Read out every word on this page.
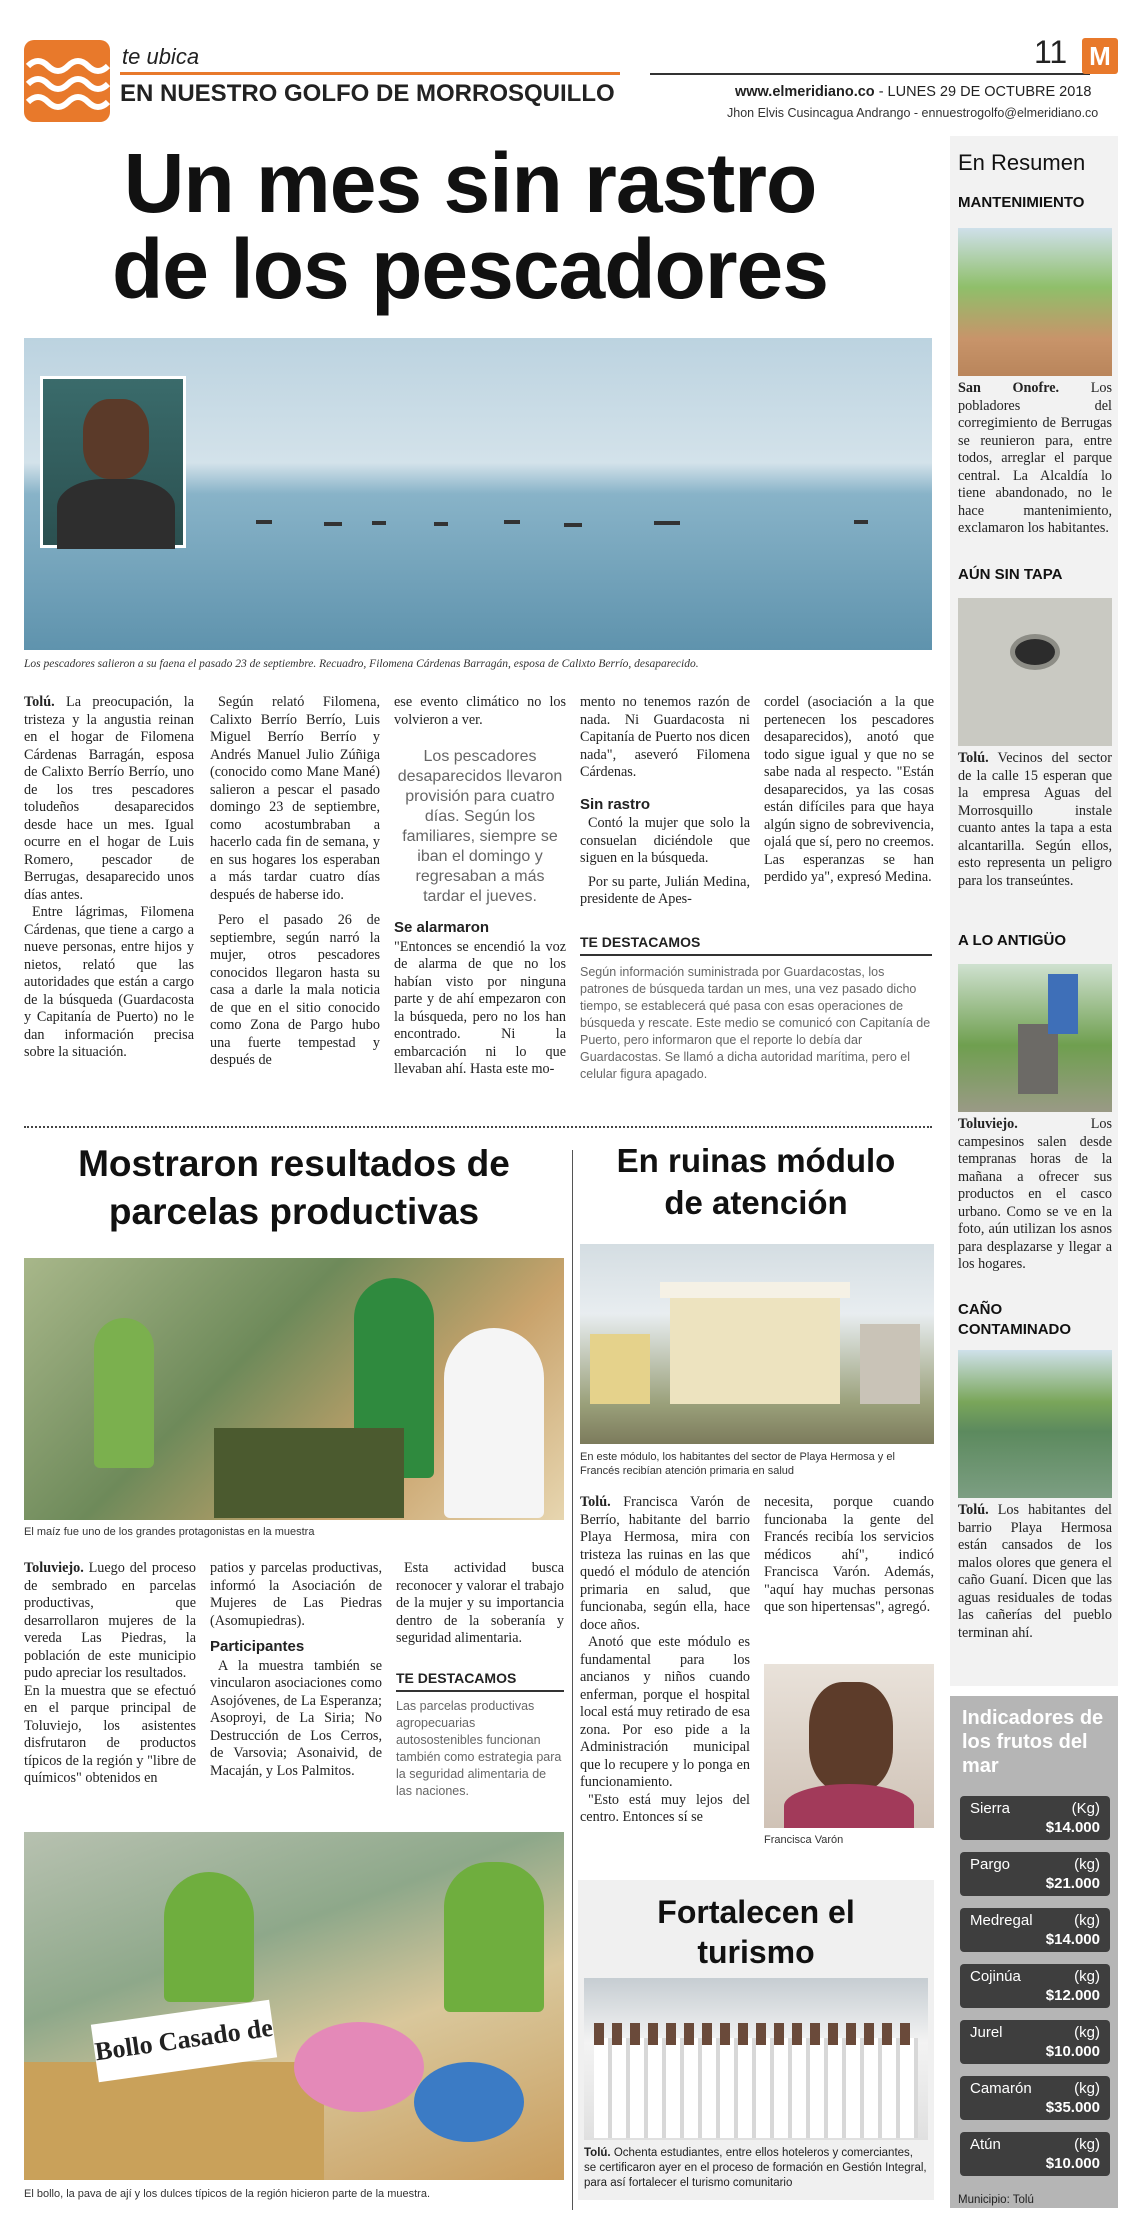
te ubica
EN NUESTRO GOLFO DE MORROSQUILLO
11 M
www.elmeridiano.co - LUNES 29 DE OCTUBRE 2018
Jhon Elvis Cusincagua Andrango - ennuestrogolfo@elmeridiano.co
Un mes sin rastro
de los pescadores
Los pescadores salieron a su faena el pasado 23 de septiembre. Recuadro, Filomena Cárdenas Barragán, esposa de Calixto Berrío, desaparecido.

Tolú. La preocupación, la tristeza y la angustia reinan en el hogar de Filomena Cárdenas Barragán, esposa de Calixto Berrío Berrío, uno de los tres pescadores toludeños desaparecidos desde hace un mes. Igual ocurre en el hogar de Luis Romero, pescador de Berrugas, desaparecido unos días antes.

Entre lágrimas, Filomena Cárdenas, que tiene a cargo a nueve personas, entre hijos y nietos, relató que las autoridades que están a cargo de la búsqueda (Guardacosta y Capitanía de Puerto) no le dan información precisa sobre la situación.

Según relató Filomena, Calixto Berrío Berrío, Luis Miguel Berrío Berrío y Andrés Manuel Julio Zúñiga (conocido como Mane Mané) salieron a pescar el pasado domingo 23 de septiembre, como acostumbraban a hacerlo cada fin de semana, y en sus hogares los esperaban a más tardar cuatro días después de haberse ido.

Pero el pasado 26 de septiembre, según narró la mujer, otros pescadores conocidos llegaron hasta su casa a darle la mala noticia de que en el sitio conocido como Zona de Pargo hubo una fuerte tempestad y después de

ese evento climático no los volvieron a ver.

Los pescadores desaparecidos llevaron provisión para cuatro días. Según los familiares, siempre se iban el domingo y regresaban a más tardar el jueves.
Se alarmaron

"Entonces se encendió la voz de alarma de que no los habían visto por ninguna parte y de ahí empezaron con la búsqueda, pero no los han encontrado. Ni la embarcación ni lo que llevaban ahí. Hasta este mo-

mento no tenemos razón de nada. Ni Guardacosta ni Capitanía de Puerto nos dicen nada", aseveró Filomena Cárdenas.

Sin rastro

Contó la mujer que solo la consuelan diciéndole que siguen en la búsqueda.

Por su parte, Julián Medina, presidente de Apes-

cordel (asociación a la que pertenecen los pescadores desaparecidos), anotó que todo sigue igual y que no se sabe nada al respecto. "Están desaparecidos, ya las cosas están difíciles para que haya algún signo de sobrevivencia, ojalá que sí, pero no creemos. Las esperanzas se han perdido ya", expresó Medina.

TE DESTACAMOS
Según información suministrada por Guardacostas, los patrones de búsqueda tardan un mes, una vez pasado dicho tiempo, se establecerá qué pasa con esas operaciones de búsqueda y rescate. Este medio se comunicó con Capitanía de Puerto, pero informaron que el reporte lo debía dar Guardacostas. Se llamó a dicha autoridad marítima, pero el celular figura apagado.
Mostraron resultados de
parcelas productivas
El maíz fue uno de los grandes protagonistas en la muestra

Toluviejo. Luego del proceso de sembrado en parcelas productivas, que desarrollaron mujeres de la vereda Las Piedras, la población de este municipio pudo apreciar los resultados.

En la muestra que se efectuó en el parque principal de Toluviejo, los asistentes disfrutaron de productos típicos de la región y "libre de químicos" obtenidos en

patios y parcelas productivas, informó la Asociación de Mujeres de Las Piedras (Asomupiedras).

Participantes

A la muestra también se vincularon asociaciones como Asojóvenes, de La Esperanza; Asoproyi, de La Siria; No Destrucción de Los Cerros, de Varsovia; Asonaivid, de Macaján, y Los Palmitos.

Esta actividad busca reconocer y valorar el trabajo de la mujer y su importancia dentro de la soberanía y seguridad alimentaria.

TE DESTACAMOS
Las parcelas productivas agropecuarias autosostenibles funcionan también como estrategia para la seguridad alimentaria de las naciones.
Bollo Casado de
El bollo, la pava de ají y los dulces típicos de la región hicieron parte de la muestra.
En ruinas módulo
de atención
En este módulo, los habitantes del sector de Playa Hermosa y el Francés recibían atención primaria en salud

Tolú. Francisca Varón de Berrío, habitante del barrio Playa Hermosa, mira con tristeza las ruinas en las que quedó el módulo de atención primaria en salud, que funcionaba, según ella, hace doce años.

Anotó que este módulo es fundamental para los ancianos y niños cuando enferman, porque el hospital local está muy retirado de esa zona. Por eso pide a la Administración municipal que lo recupere y lo ponga en funcionamiento.

"Esto está muy lejos del centro. Entonces sí se

necesita, porque cuando funcionaba la gente del Francés recibía los servicios médicos ahí", indicó Francisca Varón. Además, "aquí hay muchas personas que son hipertensas", agregó.

Francisca Varón
Fortalecen el
turismo
Tolú. Ochenta estudiantes, entre ellos hoteleros y comerciantes, se certificaron ayer en el proceso de formación en Gestión Integral, para así fortalecer el turismo comunitario
En Resumen
MANTENIMIENTO
San Onofre. Los pobladores del corregimiento de Berrugas se reunieron para, entre todos, arreglar el parque central. La Alcaldía lo tiene abandonado, no le hace mantenimiento, exclamaron los habitantes.
AÚN SIN TAPA
Tolú. Vecinos del sector de la calle 15 esperan que la empresa Aguas del Morrosquillo instale cuanto antes la tapa a esta alcantarilla. Según ellos, esto representa un peligro para los transeúntes.
A LO ANTIGÜO
Toluviejo. Los campesinos salen desde tempranas horas de la mañana a ofrecer sus productos en el casco urbano. Como se ve en la foto, aún utilizan los asnos para desplazarse y llegar a los hogares.
CAÑO CONTAMINADO
Tolú. Los habitantes del barrio Playa Hermosa están cansados de los malos olores que genera el caño Guaní. Dicen que las aguas residuales de todas las cañerías del pueblo terminan ahí.
Indicadores de los frutos del mar
Sierra	(Kg)
$14.000
Pargo	(kg)
$21.000
Medregal	(kg)
$14.000
Cojinúa	(kg)
$12.000
Jurel	(kg)
$10.000
Camarón	(kg)
$35.000
Atún	(kg)
$10.000
Municipio: Tolú
